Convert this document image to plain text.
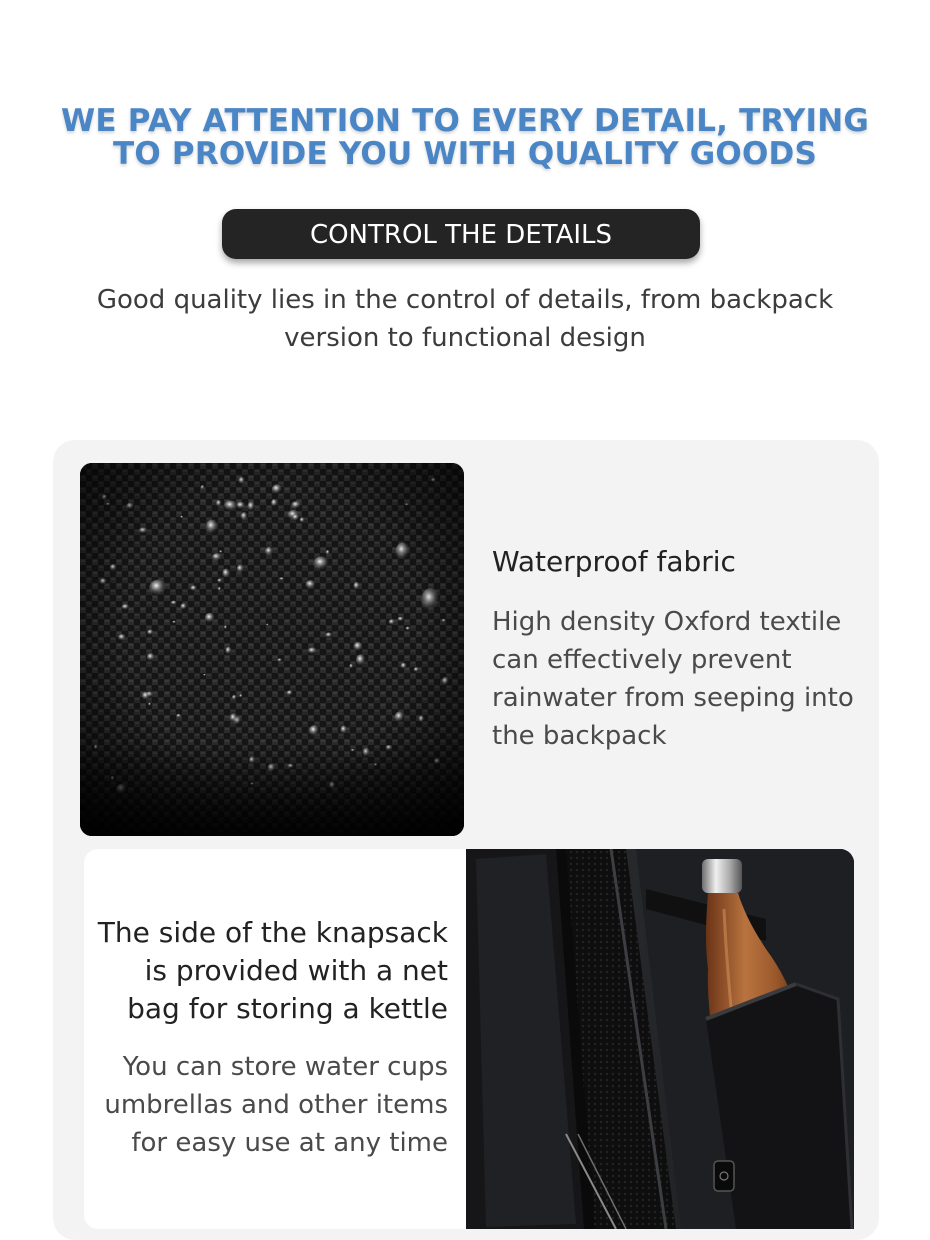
WE PAY ATTENTION TO EVERY DETAIL, TRYING
TO PROVIDE YOU WITH QUALITY GOODS
CONTROL THE DETAILS
Good quality lies in the control of details, from backpack
version to functional design
Waterproof fabric
High density Oxford textile
can effectively prevent
rainwater from seeping into
the backpack
The side of the knapsack
is provided with a net
bag for storing a kettle
You can store water cups
umbrellas and other items
for easy use at any time
